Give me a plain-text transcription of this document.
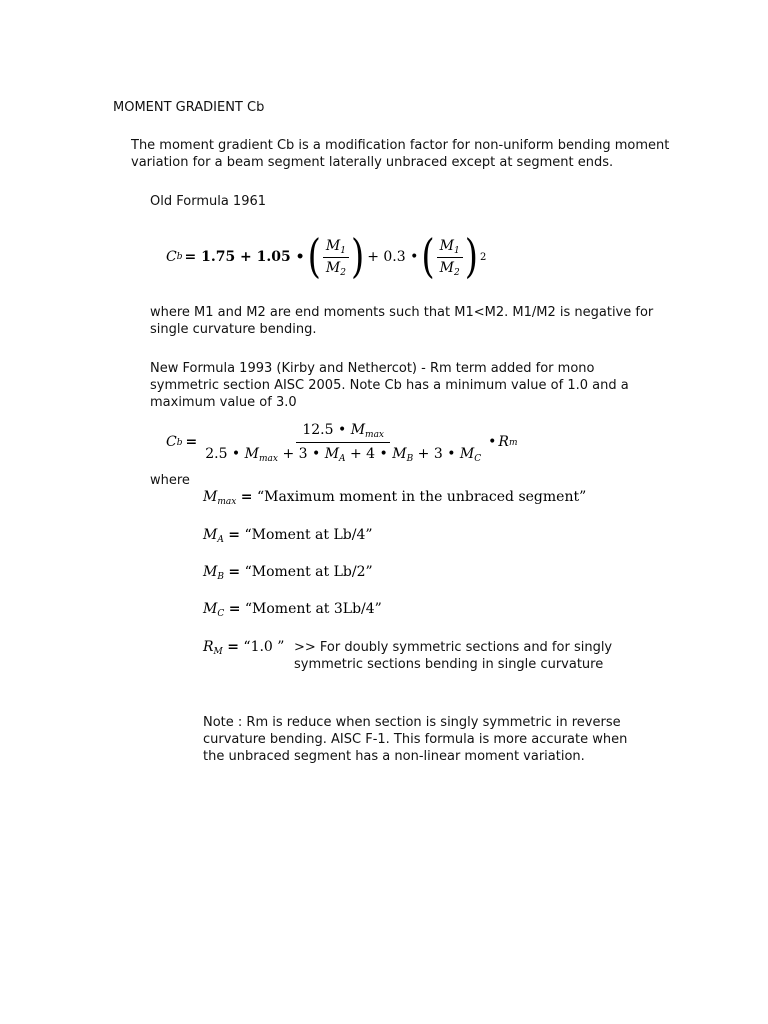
MOMENT GRADIENT Cb
The moment gradient Cb is a modification factor for non-uniform bending moment variation for a beam segment laterally unbraced except at segment ends.
Old Formula 1961
C b = 1.75 + 1.05 • ( $\frac{M_1}{M_2}$ ) + 0.3 • ( $\frac{M_1}{M_2}$ ) 2
where M1 and M2 are end moments such that M1<M2. M1/M2 is negative for single curvature bending.
New Formula 1993 (Kirby and Nethercot) - Rm term added for mono symmetric section AISC 2005. Note Cb has a minimum value of 1.0 and a maximum value of 3.0
C b =
12.5 • $M_{max}$
2.5 • $M_{max} + 3$ • $M_A + 4$ • $M_B + 3$ • $M_C$
• R m
where
$M_{max}$ = “Maximum moment in the unbraced segment”
$M_A$ = “Moment at Lb/4”
$M_B$ = “Moment at Lb/2”
$M_C$ = “Moment at 3Lb/4”
$R_M$ = “1.0 ” >> For doubly symmetric sections and for singly symmetric sections bending in single curvature
Note : Rm is reduce when section is singly symmetric in reverse curvature bending. AISC F-1. This formula is more accurate when the unbraced segment has a non-linear moment variation.
